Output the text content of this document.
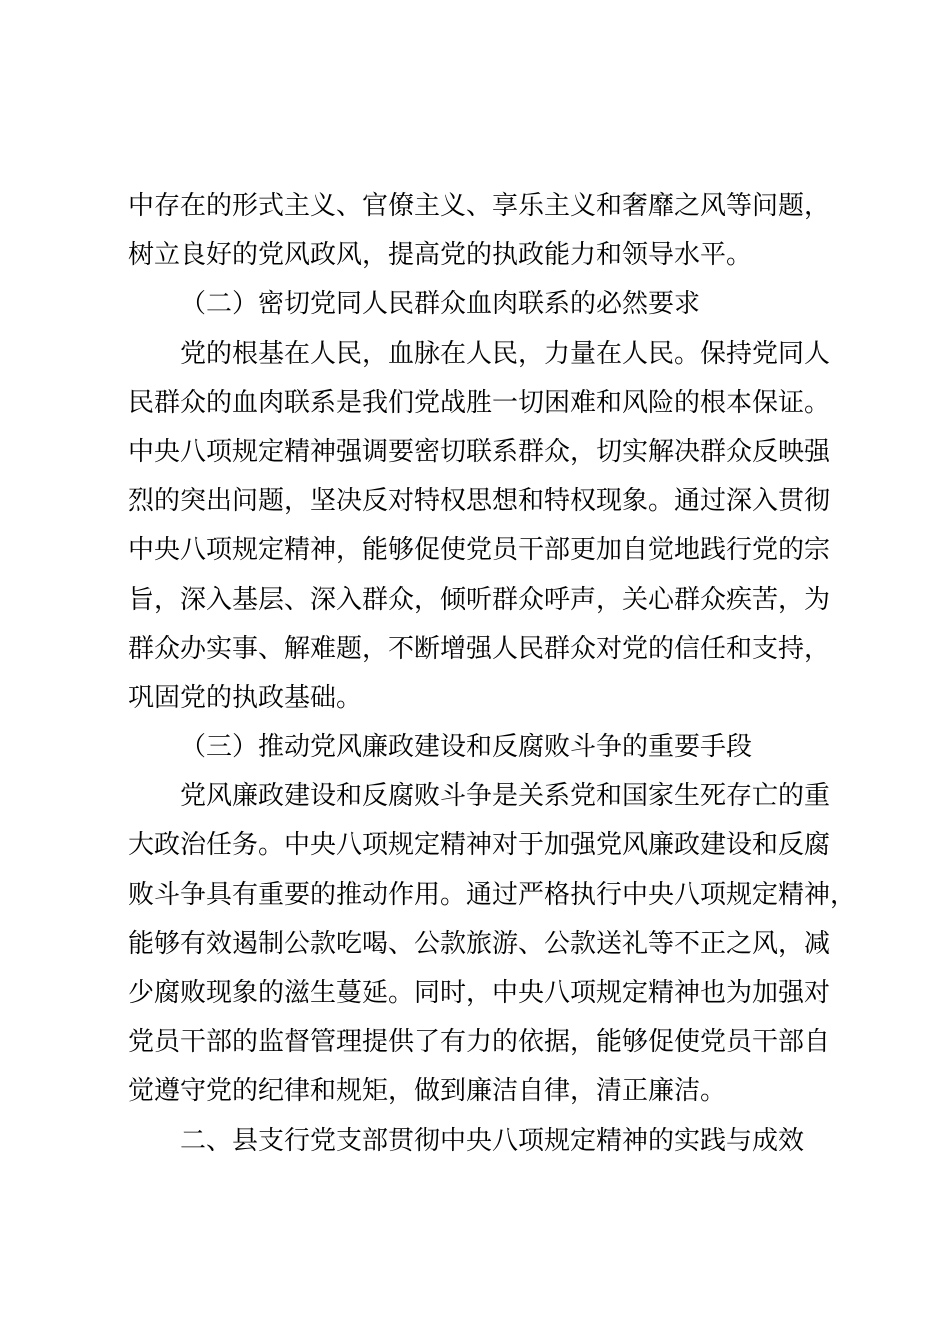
中存在的形式主义、官僚主义、享乐主义和奢靡之风等问题，
树立良好的党风政风，提高党的执政能力和领导水平。
（二）密切党同人民群众血肉联系的必然要求
党的根基在人民，血脉在人民，力量在人民。保持党同人
民群众的血肉联系是我们党战胜一切困难和风险的根本保证。
中央八项规定精神强调要密切联系群众，切实解决群众反映强
烈的突出问题，坚决反对特权思想和特权现象。通过深入贯彻
中央八项规定精神，能够促使党员干部更加自觉地践行党的宗
旨，深入基层、深入群众，倾听群众呼声，关心群众疾苦，为
群众办实事、解难题，不断增强人民群众对党的信任和支持，
巩固党的执政基础。
（三）推动党风廉政建设和反腐败斗争的重要手段
党风廉政建设和反腐败斗争是关系党和国家生死存亡的重
大政治任务。中央八项规定精神对于加强党风廉政建设和反腐
败斗争具有重要的推动作用。通过严格执行中央八项规定精神，
能够有效遏制公款吃喝、公款旅游、公款送礼等不正之风，减
少腐败现象的滋生蔓延。同时，中央八项规定精神也为加强对
党员干部的监督管理提供了有力的依据，能够促使党员干部自
觉遵守党的纪律和规矩，做到廉洁自律，清正廉洁。
二、县支行党支部贯彻中央八项规定精神的实践与成效
